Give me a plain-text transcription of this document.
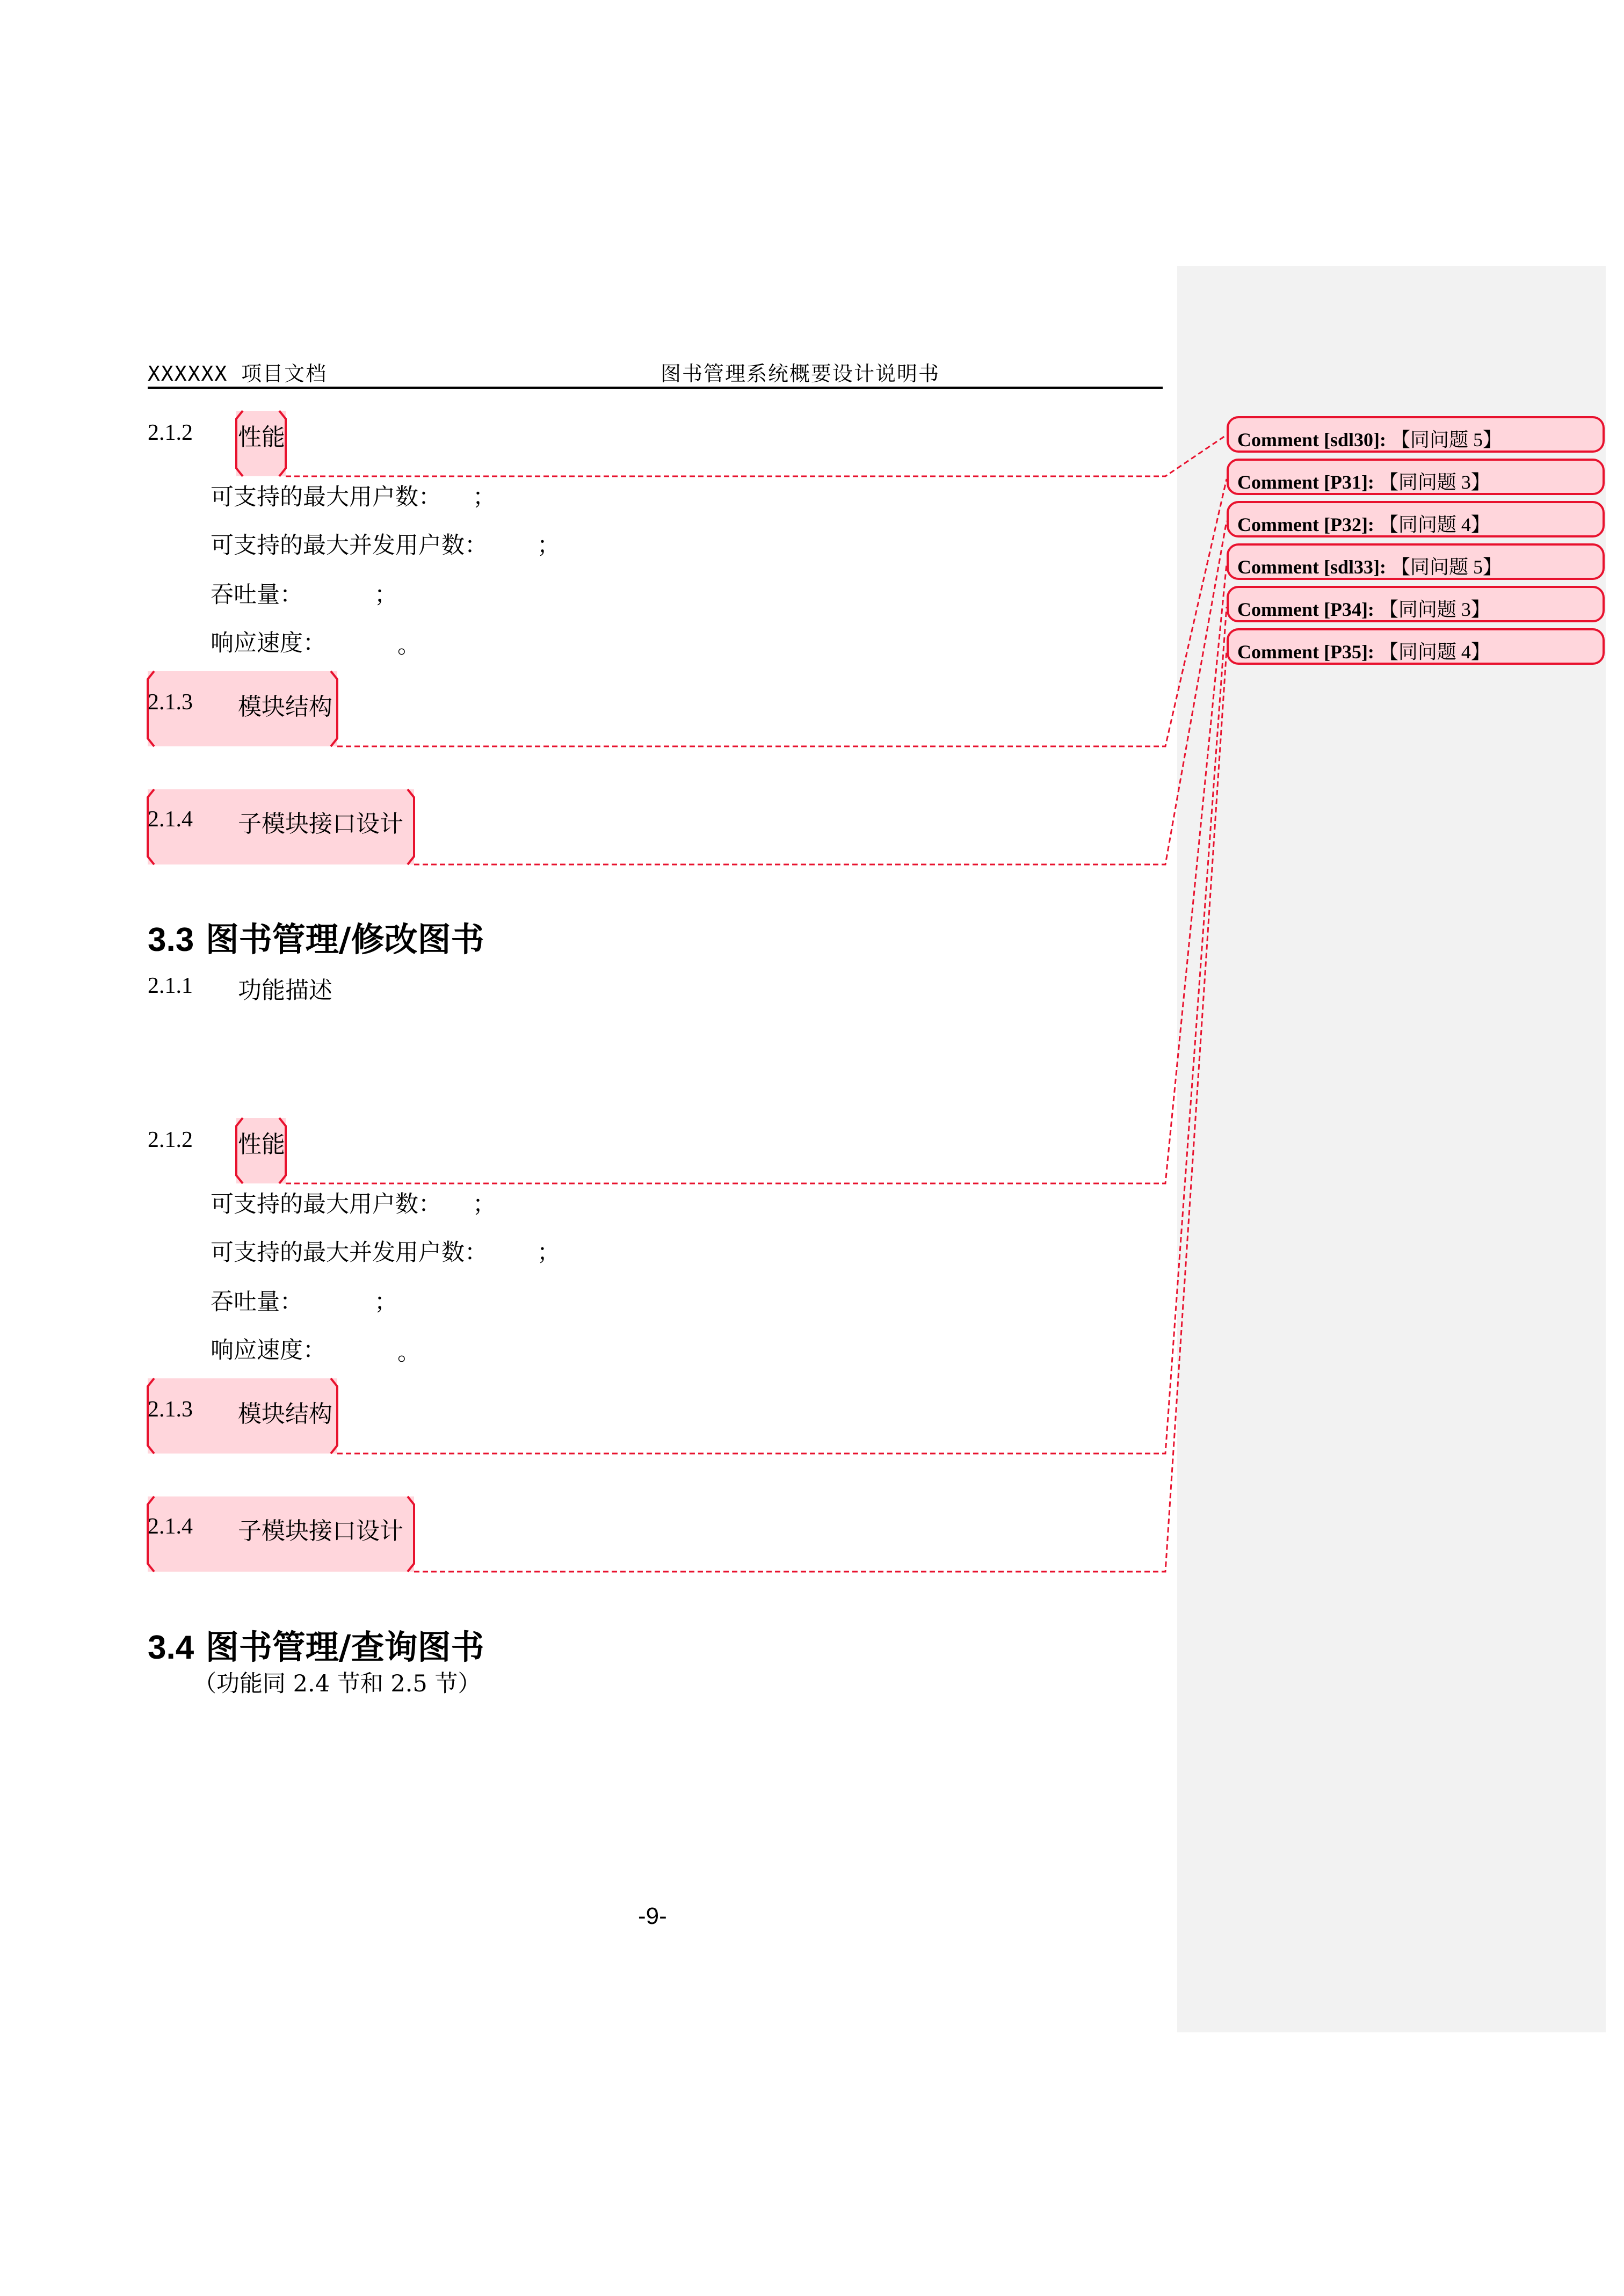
XXXXXX 项目文档	图书管理系统概要设计说明书
2.1.2 性能
可支持的最大用户数： ；
可支持的最大并发用户数： ；
吞吐量：	；
响应速度：	。
2.1.3 模块结构
2.1.4 子模块接口设计
3.3 图书管理/修改图书
2.1.1 功能描述
2.1.2 性能
可支持的最大用户数： ；
可支持的最大并发用户数： ；
吞吐量：	；
响应速度：	。
2.1.3 模块结构
2.1.4 子模块接口设计
3.4 图书管理/查询图书
（功能同 2.4 节和 2.5 节）
-9-
Comment [sdl30]: 【同问题 5】
Comment [P31]: 【同问题 3】
Comment [P32]: 【同问题 4】
Comment [sdl33]: 【同问题 5】
Comment [P34]: 【同问题 3】
Comment [P35]: 【同问题 4】
